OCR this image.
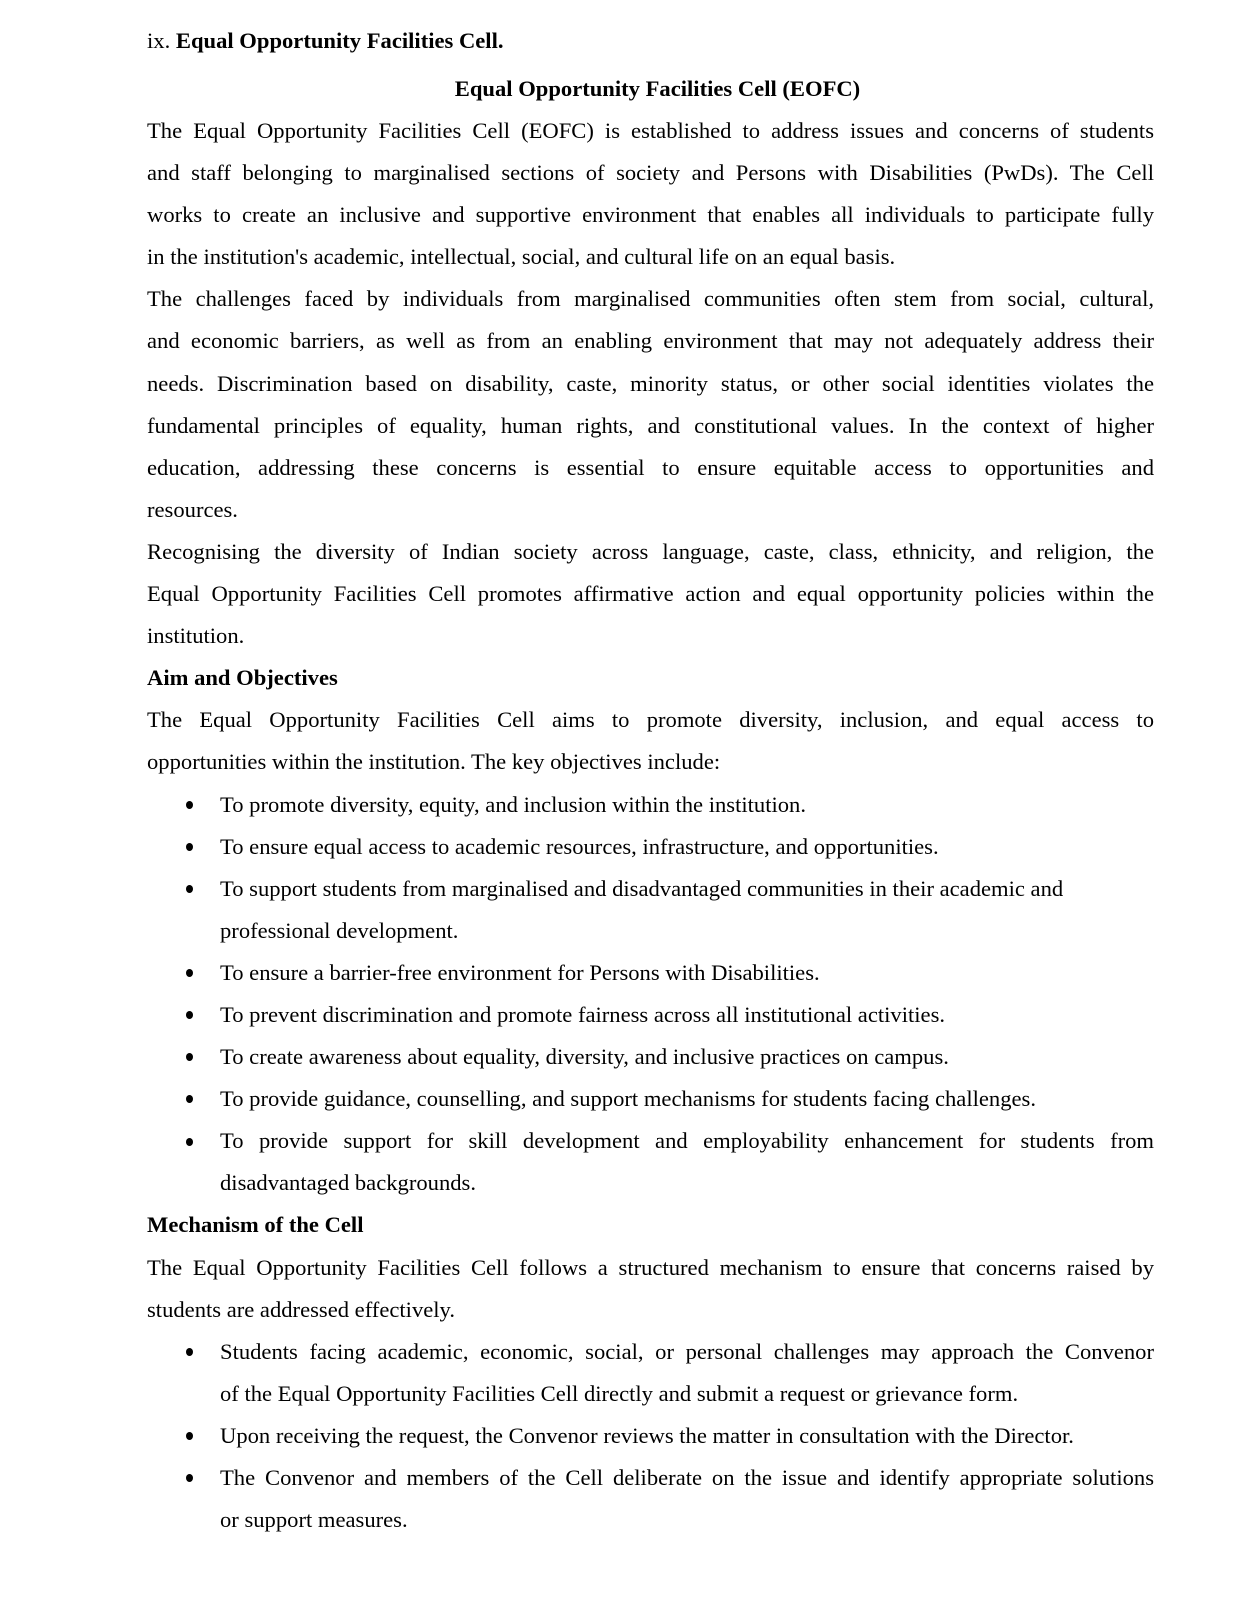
ix. Equal Opportunity Facilities Cell.
Equal Opportunity Facilities Cell (EOFC)
The Equal Opportunity Facilities Cell (EOFC) is established to address issues and concerns of students
and staff belonging to marginalised sections of society and Persons with Disabilities (PwDs). The Cell
works to create an inclusive and supportive environment that enables all individuals to participate fully
in the institution's academic, intellectual, social, and cultural life on an equal basis.
The challenges faced by individuals from marginalised communities often stem from social, cultural,
and economic barriers, as well as from an enabling environment that may not adequately address their
needs. Discrimination based on disability, caste, minority status, or other social identities violates the
fundamental principles of equality, human rights, and constitutional values. In the context of higher
education, addressing these concerns is essential to ensure equitable access to opportunities and
resources.
Recognising the diversity of Indian society across language, caste, class, ethnicity, and religion, the
Equal Opportunity Facilities Cell promotes affirmative action and equal opportunity policies within the
institution.
Aim and Objectives
The Equal Opportunity Facilities Cell aims to promote diversity, inclusion, and equal access to
opportunities within the institution. The key objectives include:
To promote diversity, equity, and inclusion within the institution.
To ensure equal access to academic resources, infrastructure, and opportunities.
To support students from marginalised and disadvantaged communities in their academic and
professional development.
To ensure a barrier-free environment for Persons with Disabilities.
To prevent discrimination and promote fairness across all institutional activities.
To create awareness about equality, diversity, and inclusive practices on campus.
To provide guidance, counselling, and support mechanisms for students facing challenges.
To provide support for skill development and employability enhancement for students from
disadvantaged backgrounds.
Mechanism of the Cell
The Equal Opportunity Facilities Cell follows a structured mechanism to ensure that concerns raised by
students are addressed effectively.
Students facing academic, economic, social, or personal challenges may approach the Convenor
of the Equal Opportunity Facilities Cell directly and submit a request or grievance form.
Upon receiving the request, the Convenor reviews the matter in consultation with the Director.
The Convenor and members of the Cell deliberate on the issue and identify appropriate solutions
or support measures.
